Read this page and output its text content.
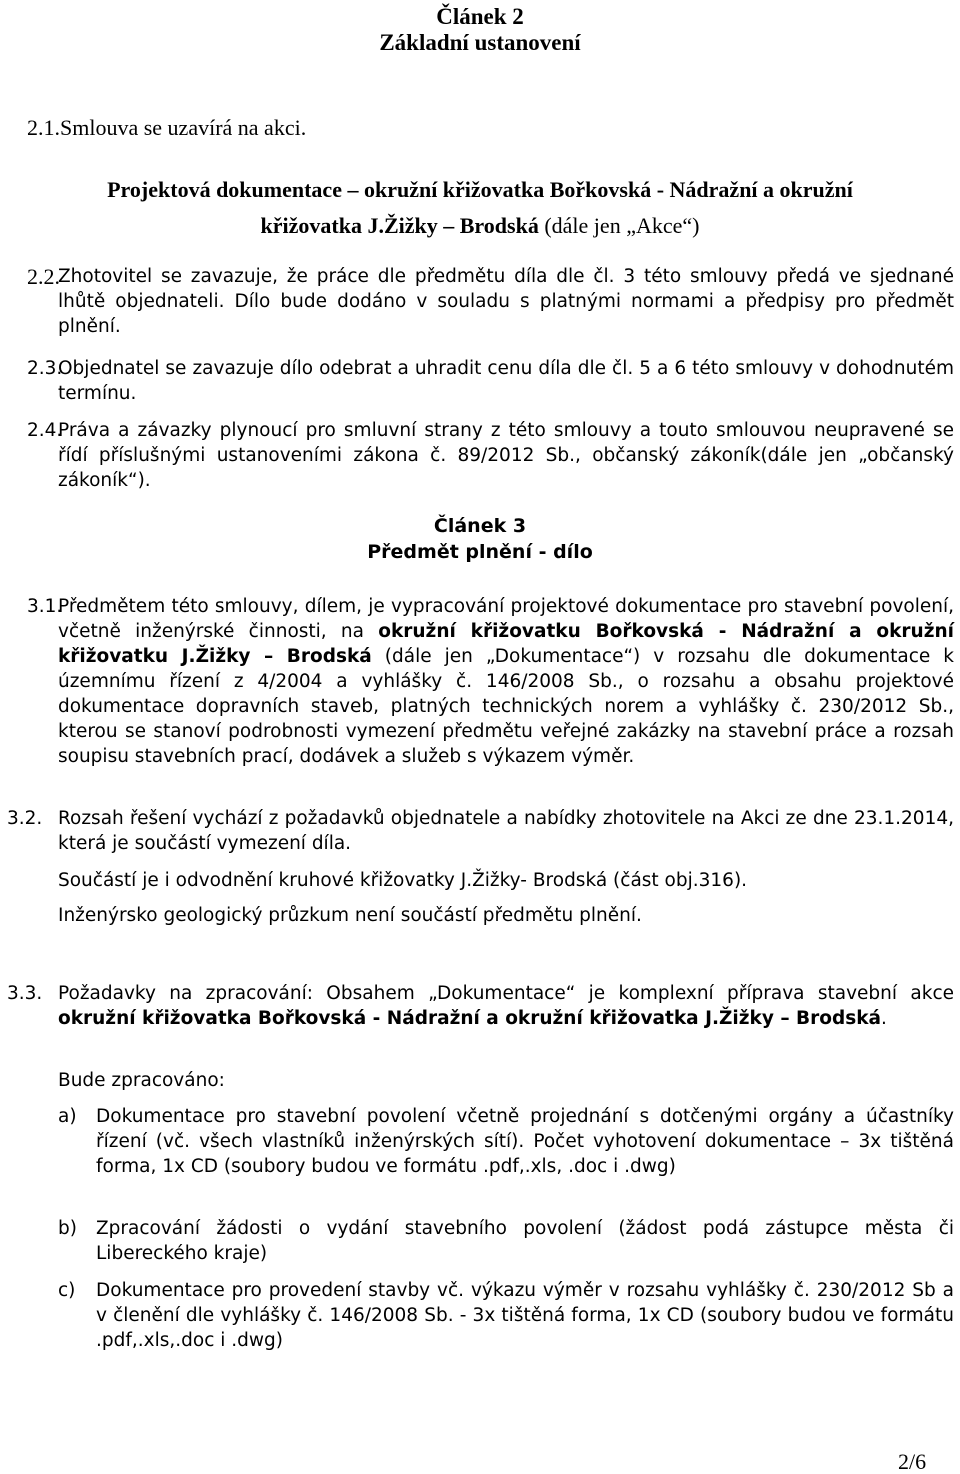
Článek 2
Základní ustanovení
2.1. Smlouva se uzavírá na akci.
Projektová dokumentace – okružní křižovatka Bořkovská - Nádražní a okružní
křižovatka J.Žižky – Brodská (dále jen „Akce“)
2.2.
Zhotovitel se zavazuje, že práce dle předmětu díla dle čl. 3 této smlouvy předá ve sjednané lhůtě objednateli. Dílo bude dodáno v souladu s platnými normami a předpisy pro předmět plnění.
2.3.
Objednatel se zavazuje dílo odebrat a uhradit cenu díla dle čl. 5 a 6 této smlouvy v dohodnutém termínu.
2.4.
Práva a závazky plynoucí pro smluvní strany z této smlouvy a touto smlouvou neupravené se řídí příslušnými ustanoveními zákona č. 89/2012 Sb., občanský zákoník(dále jen „občanský zákoník“).
Článek 3
Předmět plnění - dílo
3.1.
Předmětem této smlouvy, dílem, je vypracování projektové dokumentace pro stavební povolení, včetně inženýrské činnosti, na okružní křižovatku Bořkovská - Nádražní a okružní křižovatku J.Žižky – Brodská (dále jen „Dokumentace“) v rozsahu dle dokumentace k územnímu řízení z 4/2004 a vyhlášky č. 146/2008 Sb., o rozsahu a obsahu projektové dokumentace dopravních staveb, platných technických norem a vyhlášky č. 230/2012 Sb., kterou se stanoví podrobnosti vymezení předmětu veřejné zakázky na stavební práce a rozsah soupisu stavebních prací, dodávek a služeb s výkazem výměr.
3.2. Rozsah řešení vychází z požadavků objednatele a nabídky zhotovitele na Akci ze dne 23.1.2014, která je součástí vymezení díla.
Součástí je i odvodnění kruhové křižovatky J.Žižky- Brodská (část obj.316).
Inženýrsko geologický průzkum není součástí předmětu plnění.
3.3. Požadavky na zpracování: Obsahem „Dokumentace“ je komplexní příprava stavební akce okružní křižovatka Bořkovská - Nádražní a okružní křižovatka J.Žižky – Brodská.
Bude zpracováno:
a) Dokumentace pro stavební povolení včetně projednání s dotčenými orgány a účastníky řízení (vč. všech vlastníků inženýrských sítí). Počet vyhotovení dokumentace – 3x tištěná forma, 1x CD (soubory budou ve formátu .pdf,.xls, .doc i .dwg)
b) Zpracování žádosti o vydání stavebního povolení (žádost podá zástupce města či Libereckého kraje)
c) Dokumentace pro provedení stavby vč. výkazu výměr v rozsahu vyhlášky č. 230/2012 Sb a v členění dle vyhlášky č. 146/2008 Sb. - 3x tištěná forma, 1x CD (soubory budou ve formátu .pdf,.xls,.doc i .dwg)
2/6
